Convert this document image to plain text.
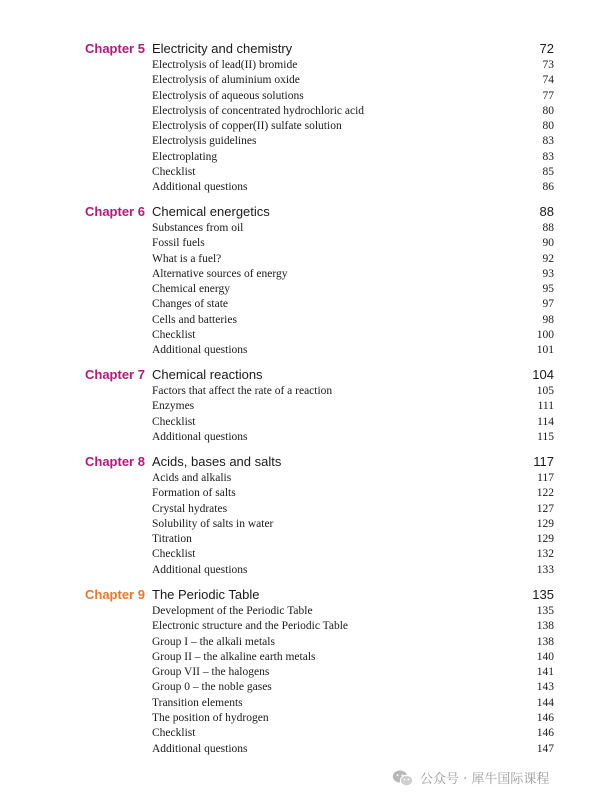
Chapter 5 Electricity and chemistry	72
Electrolysis of lead(II) bromide	73
Electrolysis of aluminium oxide	74
Electrolysis of aqueous solutions	77
Electrolysis of concentrated hydrochloric acid	80
Electrolysis of copper(II) sulfate solution	80
Electrolysis guidelines	83
Electroplating	83
Checklist	85
Additional questions	86
Chapter 6 Chemical energetics	88
Substances from oil	88
Fossil fuels	90
What is a fuel?	92
Alternative sources of energy	93
Chemical energy	95
Changes of state	97
Cells and batteries	98
Checklist	100
Additional questions	101
Chapter 7 Chemical reactions	104
Factors that affect the rate of a reaction	105
Enzymes	111
Checklist	114
Additional questions	115
Chapter 8 Acids, bases and salts	117
Acids and alkalis	117
Formation of salts	122
Crystal hydrates	127
Solubility of salts in water	129
Titration	129
Checklist	132
Additional questions	133
Chapter 9 The Periodic Table	135
Development of the Periodic Table	135
Electronic structure and the Periodic Table	138
Group I – the alkali metals	138
Group II – the alkaline earth metals	140
Group VII – the halogens	141
Group 0 – the noble gases	143
Transition elements	144
The position of hydrogen	146
Checklist	146
Additional questions	147
公众号 · 犀牛国际课程
